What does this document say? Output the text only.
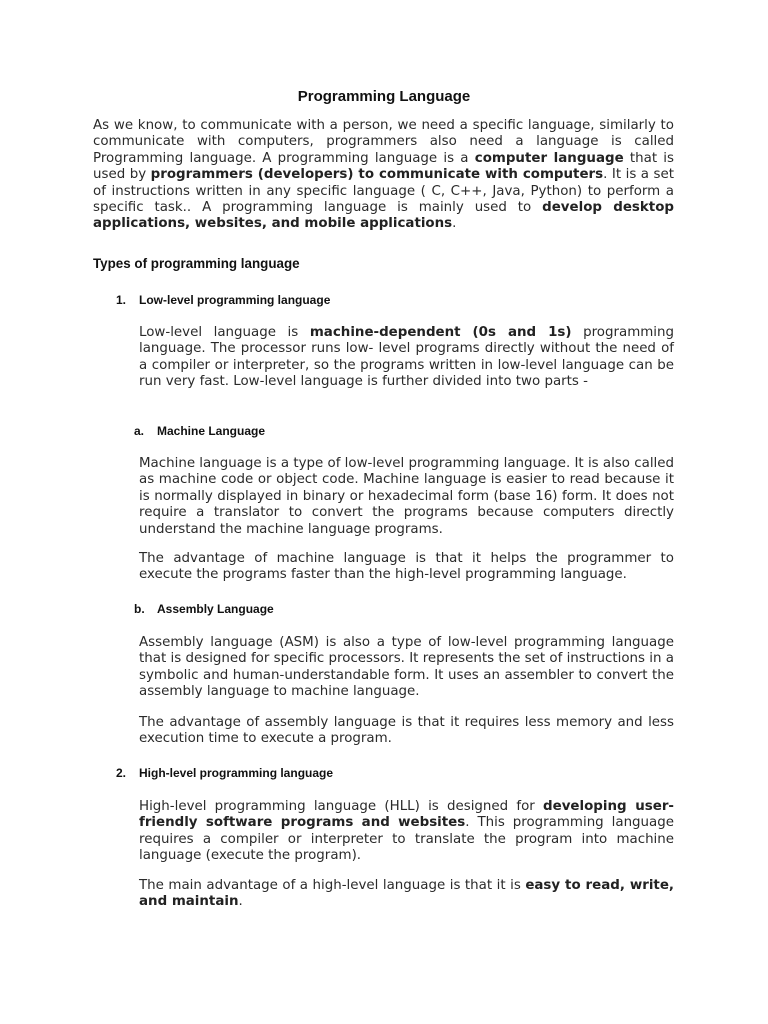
Programming Language

As we know, to communicate with a person, we need a specific language, similarly to communicate with computers, programmers also need a language is called Programming language. A programming language is a computer language that is used by programmers (developers) to communicate with computers. It is a set of instructions written in any specific language ( C, C++, Java, Python) to perform a specific task.. A programming language is mainly used to develop desktop applications, websites, and mobile applications.

Types of programming language
1. Low-level programming language

Low-level language is machine-dependent (0s and 1s) programming language. The processor runs low- level programs directly without the need of a compiler or interpreter, so the programs written in low-level language can be run very fast. Low-level language is further divided into two parts -

a. Machine Language

Machine language is a type of low-level programming language. It is also called as machine code or object code. Machine language is easier to read because it is normally displayed in binary or hexadecimal form (base 16) form. It does not require a translator to convert the programs because computers directly understand the machine language programs.

The advantage of machine language is that it helps the programmer to execute the programs faster than the high-level programming language.

b. Assembly Language

Assembly language (ASM) is also a type of low-level programming language that is designed for specific processors. It represents the set of instructions in a symbolic and human-understandable form. It uses an assembler to convert the assembly language to machine language.

The advantage of assembly language is that it requires less memory and less execution time to execute a program.

2. High-level programming language

High-level programming language (HLL) is designed for developing user-friendly software programs and websites. This programming language requires a compiler or interpreter to translate the program into machine language (execute the program).

The main advantage of a high-level language is that it is easy to read, write, and maintain.
